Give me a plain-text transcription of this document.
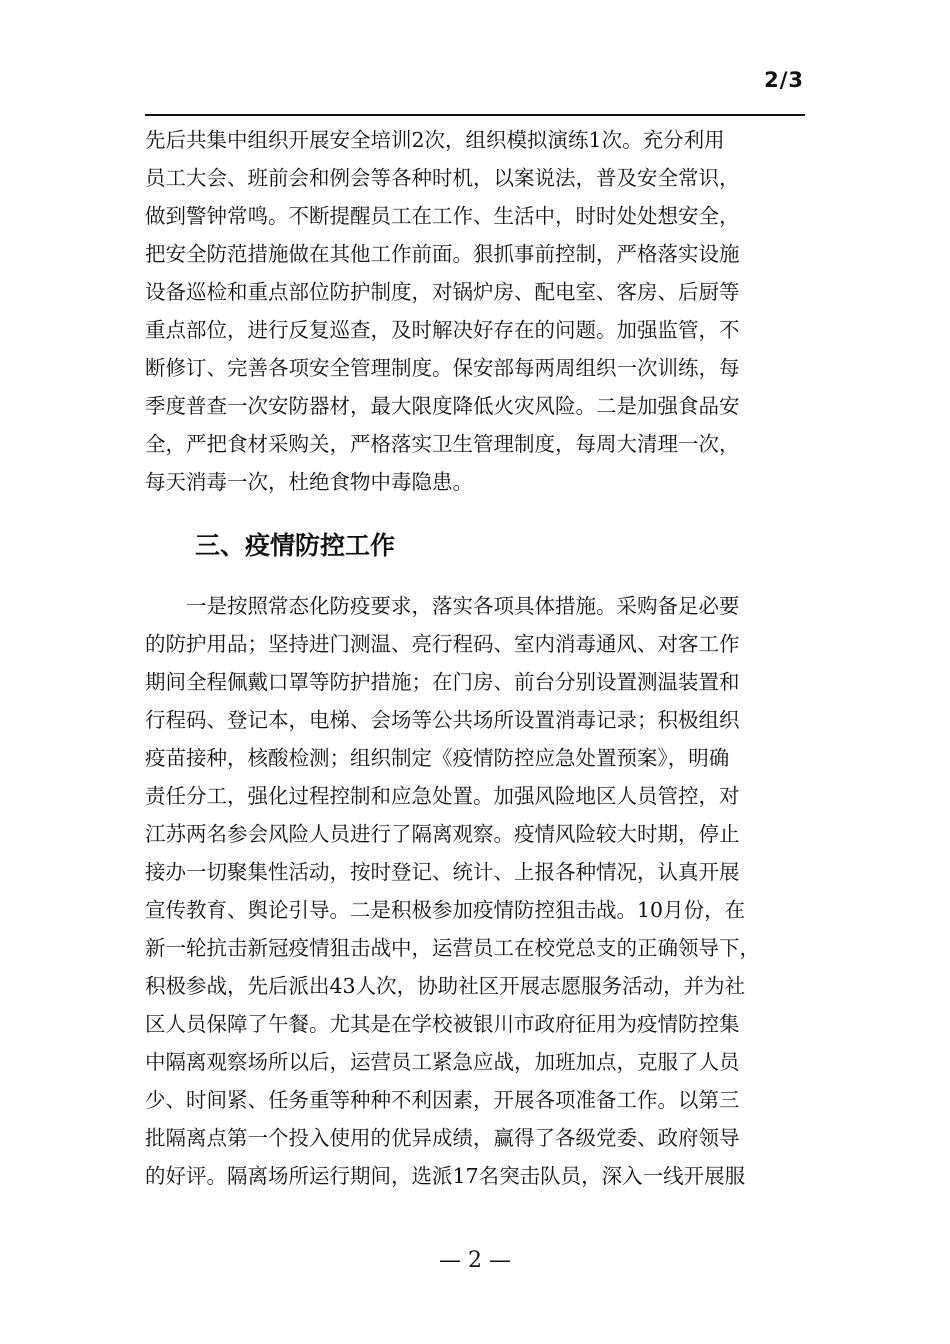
2/3
先后共集中组织开展安全培训2次，组织模拟演练1次。充分利用
员工大会、班前会和例会等各种时机，以案说法，普及安全常识，
做到警钟常鸣。不断提醒员工在工作、生活中，时时处处想安全，
把安全防范措施做在其他工作前面。狠抓事前控制，严格落实设施
设备巡检和重点部位防护制度，对锅炉房、配电室、客房、后厨等
重点部位，进行反复巡查，及时解决好存在的问题。加强监管，不
断修订、完善各项安全管理制度。保安部每两周组织一次训练，每
季度普查一次安防器材，最大限度降低火灾风险。二是加强食品安
全，严把食材采购关，严格落实卫生管理制度，每周大清理一次，
每天消毒一次，杜绝食物中毒隐患。
三、疫情防控工作
　　一是按照常态化防疫要求，落实各项具体措施。采购备足必要
的防护用品；坚持进门测温、亮行程码、室内消毒通风、对客工作
期间全程佩戴口罩等防护措施；在门房、前台分别设置测温装置和
行程码、登记本，电梯、会场等公共场所设置消毒记录；积极组织
疫苗接种，核酸检测；组织制定《疫情防控应急处置预案》，明确
责任分工，强化过程控制和应急处置。加强风险地区人员管控，对
江苏两名参会风险人员进行了隔离观察。疫情风险较大时期，停止
接办一切聚集性活动，按时登记、统计、上报各种情况，认真开展
宣传教育、舆论引导。二是积极参加疫情防控狙击战。10月份，在
新一轮抗击新冠疫情狙击战中，运营员工在校党总支的正确领导下，
积极参战，先后派出43人次，协助社区开展志愿服务活动，并为社
区人员保障了午餐。尤其是在学校被银川市政府征用为疫情防控集
中隔离观察场所以后，运营员工紧急应战，加班加点，克服了人员
少、时间紧、任务重等种种不利因素，开展各项准备工作。以第三
批隔离点第一个投入使用的优异成绩，赢得了各级党委、政府领导
的好评。隔离场所运行期间，选派17名突击队员，深入一线开展服
— 2 —
